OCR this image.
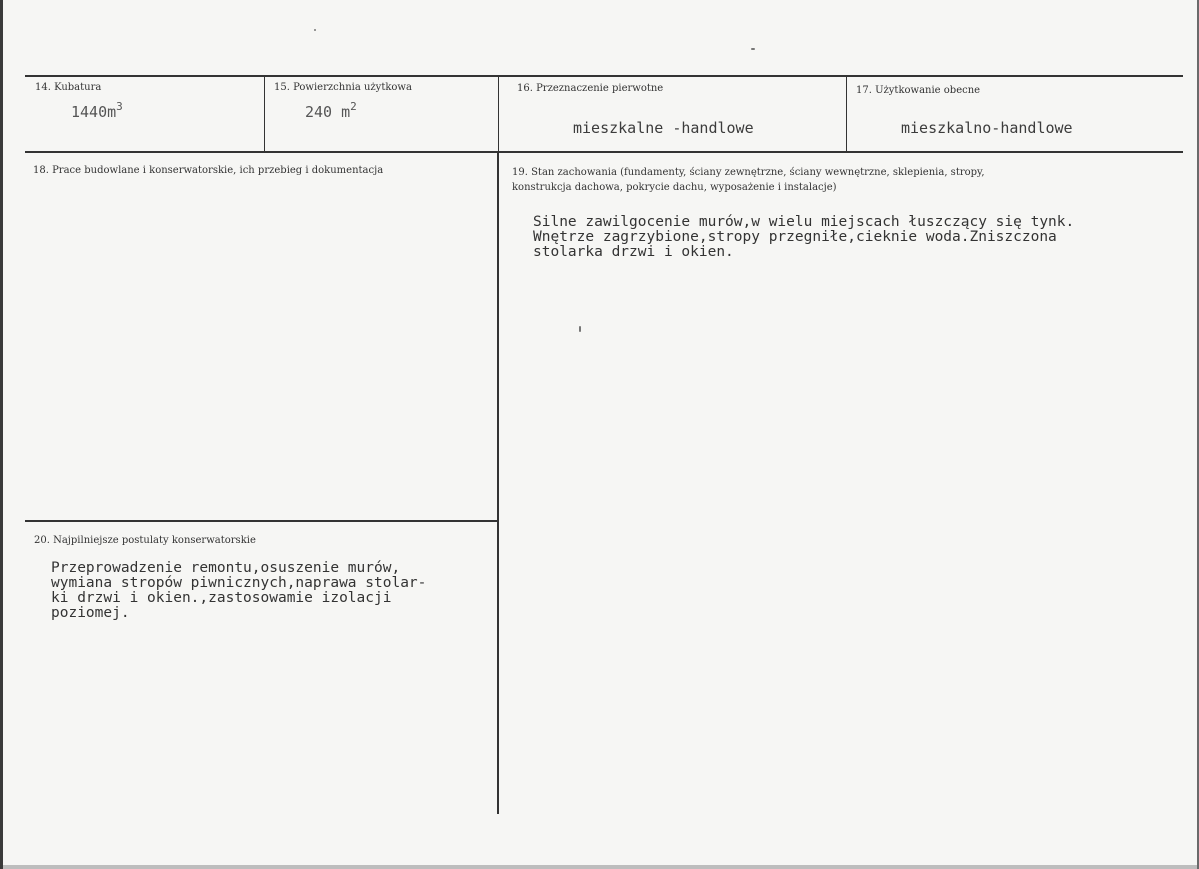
14. Kubatura
$1440m^3$
15. Powierzchnia użytkowa
240 $m^2$
16. Przeznaczenie pierwotne
mieszkalne -handlowe
17. Użytkowanie obecne
mieszkalno-handlowe
18. Prace budowlane i konserwatorskie, ich przebieg i dokumentacja	19. Stan zachowania (fundamenty, ściany zewnętrzne, ściany wewnętrzne, sklepienia, stropy,
konstrukcja dachowa, pokrycie dachu, wyposażenie i instalacje)
Silne zawilgocenie murów,w wielu miejscach łuszczący się tynk.
Wnętrze zagrzybione,stropy przegniłe,cieknie woda.Zniszczona
stolarka drzwi i okien.
20. Najpilniejsze postulaty konserwatorskie
Przeprowadzenie remontu,osuszenie murów,
wymiana stropów piwnicznych,naprawa stolar-
ki drzwi i okien.,zastosowamie izolacji
poziomej.
